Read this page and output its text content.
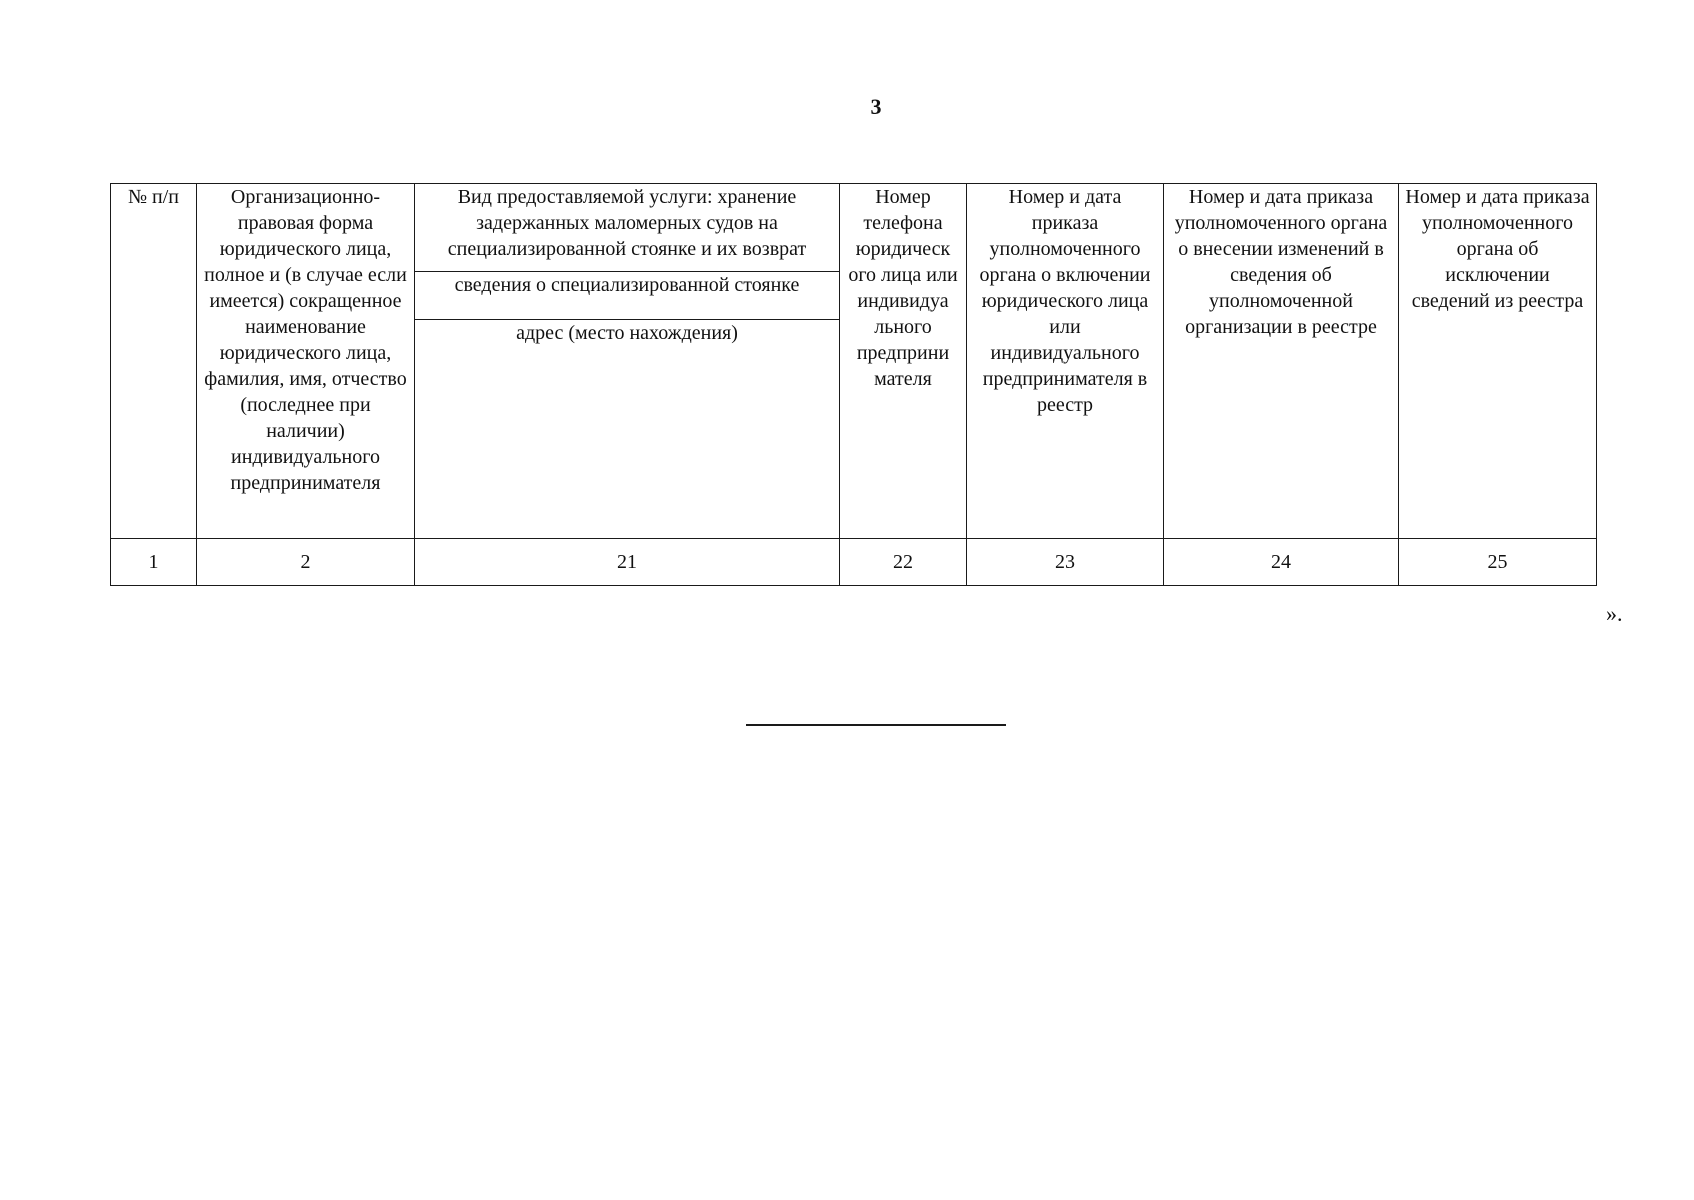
3
№ п/п	Организационно-правовая форма юридического лица, полное и (в случае если имеется) сокращенное наименование юридического лица, фамилия, имя, отчество (последнее при наличии) индивидуального предпринимателя	Вид предоставляемой услуги: хранение задержанных маломерных судов на специализированной стоянке и их возврат	Номер телефона юридическ ого лица или индивидуа льного предприни мателя	Номер и дата приказа уполномоченного органа о включении юридического лица или индивидуального предпринимателя в реестр	Номер и дата приказа уполномоченного органа о внесении изменений в сведения об уполномоченной организации в реестре	Номер и дата приказа уполномоченного органа об исключении сведений из реестра
		сведения о специализированной стоянке				
		адрес (место нахождения)				
1	2	21	22	23	24	25
».
